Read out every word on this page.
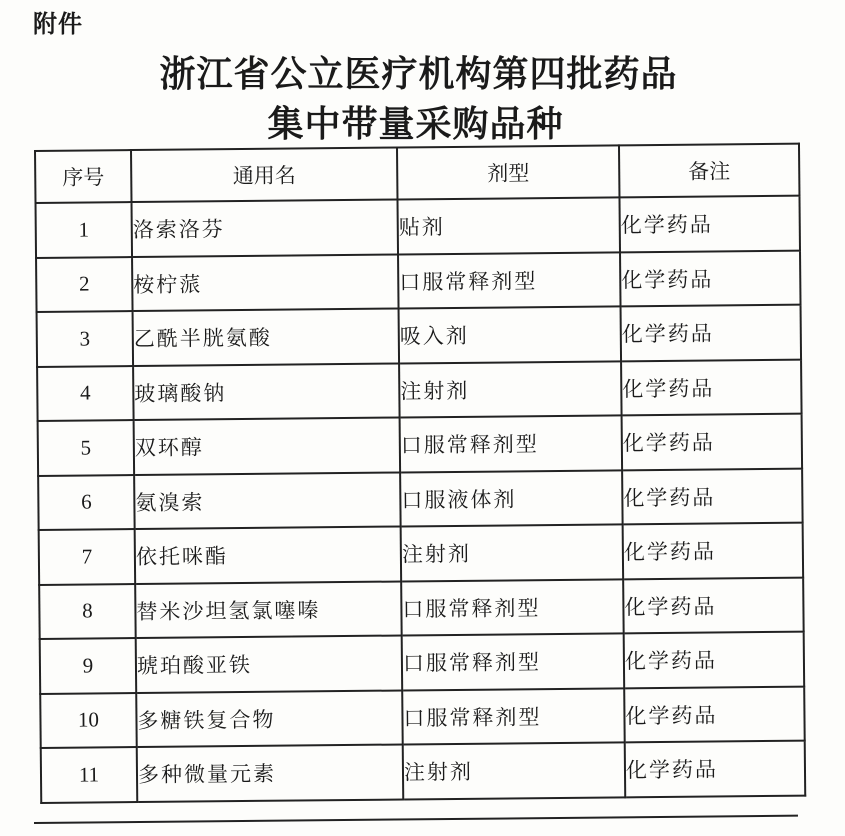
附件
浙江省公立医疗机构第四批药品
集中带量采购品种
序号	通用名	剂型	备注
1	洛索洛芬	贴剂	化学药品
2	桉柠蒎	口服常释剂型	化学药品
3	乙酰半胱氨酸	吸入剂	化学药品
4	玻璃酸钠	注射剂	化学药品
5	双环醇	口服常释剂型	化学药品
6	氨溴索	口服液体剂	化学药品
7	依托咪酯	注射剂	化学药品
8	替米沙坦氢氯噻嗪	口服常释剂型	化学药品
9	琥珀酸亚铁	口服常释剂型	化学药品
10	多糖铁复合物	口服常释剂型	化学药品
11	多种微量元素	注射剂	化学药品
